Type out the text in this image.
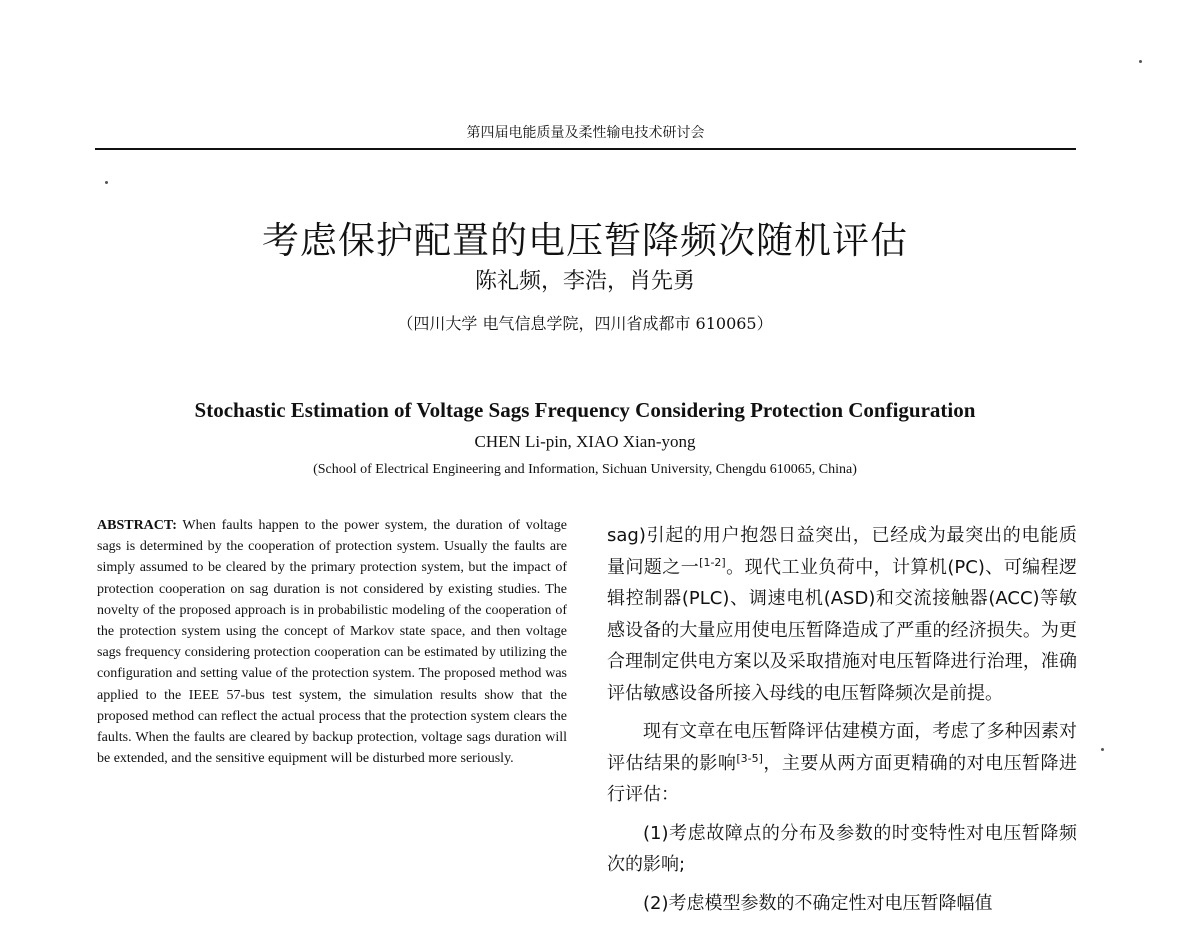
第四届电能质量及柔性输电技术研讨会
考虑保护配置的电压暂降频次随机评估
陈礼频，李浩，肖先勇
（四川大学 电气信息学院，四川省成都市 610065）
Stochastic Estimation of Voltage Sags Frequency Considering Protection Configuration
CHEN Li-pin, XIAO Xian-yong
(School of Electrical Engineering and Information, Sichuan University, Chengdu 610065, China)
ABSTRACT: When faults happen to the power system, the duration of voltage sags is determined by the cooperation of protection system. Usually the faults are simply assumed to be cleared by the primary protection system, but the impact of protection cooperation on sag duration is not considered by existing studies. The novelty of the proposed approach is in probabilistic modeling of the cooperation of the protection system using the concept of Markov state space, and then voltage sags frequency considering protection cooperation can be estimated by utilizing the configuration and setting value of the protection system. The proposed method was applied to the IEEE 57-bus test system, the simulation results show that the proposed method can reflect the actual process that the protection system clears the faults. When the faults are cleared by backup protection, voltage sags duration will be extended, and the sensitive equipment will be disturbed more seriously.

sag)引起的用户抱怨日益突出，已经成为最突出的电能质量问题之一[1-2]。现代工业负荷中，计算机(PC)、可编程逻辑控制器(PLC)、调速电机(ASD)和交流接触器(ACC)等敏感设备的大量应用使电压暂降造成了严重的经济损失。为更合理制定供电方案以及采取措施对电压暂降进行治理，准确评估敏感设备所接入母线的电压暂降频次是前提。

现有文章在电压暂降评估建模方面，考虑了多种因素对评估结果的影响[3-5]，主要从两方面更精确的对电压暂降进行评估：

(1)考虑故障点的分布及参数的时变特性对电压暂降频次的影响;

(2)考虑模型参数的不确定性对电压暂降幅值
